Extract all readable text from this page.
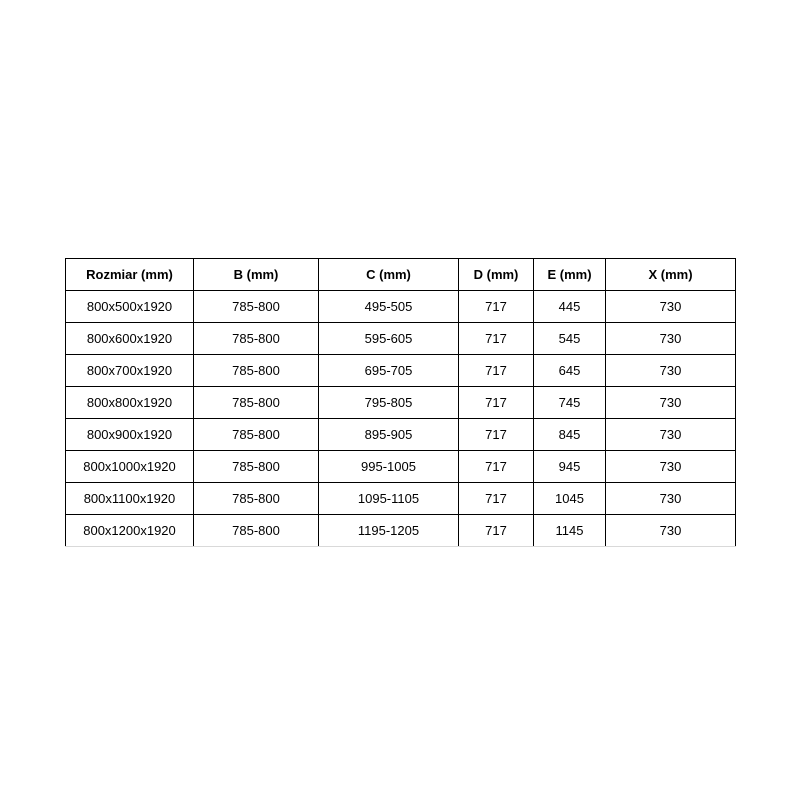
Rozmiar (mm)	B (mm)	C (mm)	D (mm)	E (mm)	X (mm)
800x500x1920	785-800	495-505	717	445	730
800x600x1920	785-800	595-605	717	545	730
800x700x1920	785-800	695-705	717	645	730
800x800x1920	785-800	795-805	717	745	730
800x900x1920	785-800	895-905	717	845	730
800x1000x1920	785-800	995-1005	717	945	730
800x1100x1920	785-800	1095-1105	717	1045	730
800x1200x1920	785-800	1195-1205	717	1145	730
